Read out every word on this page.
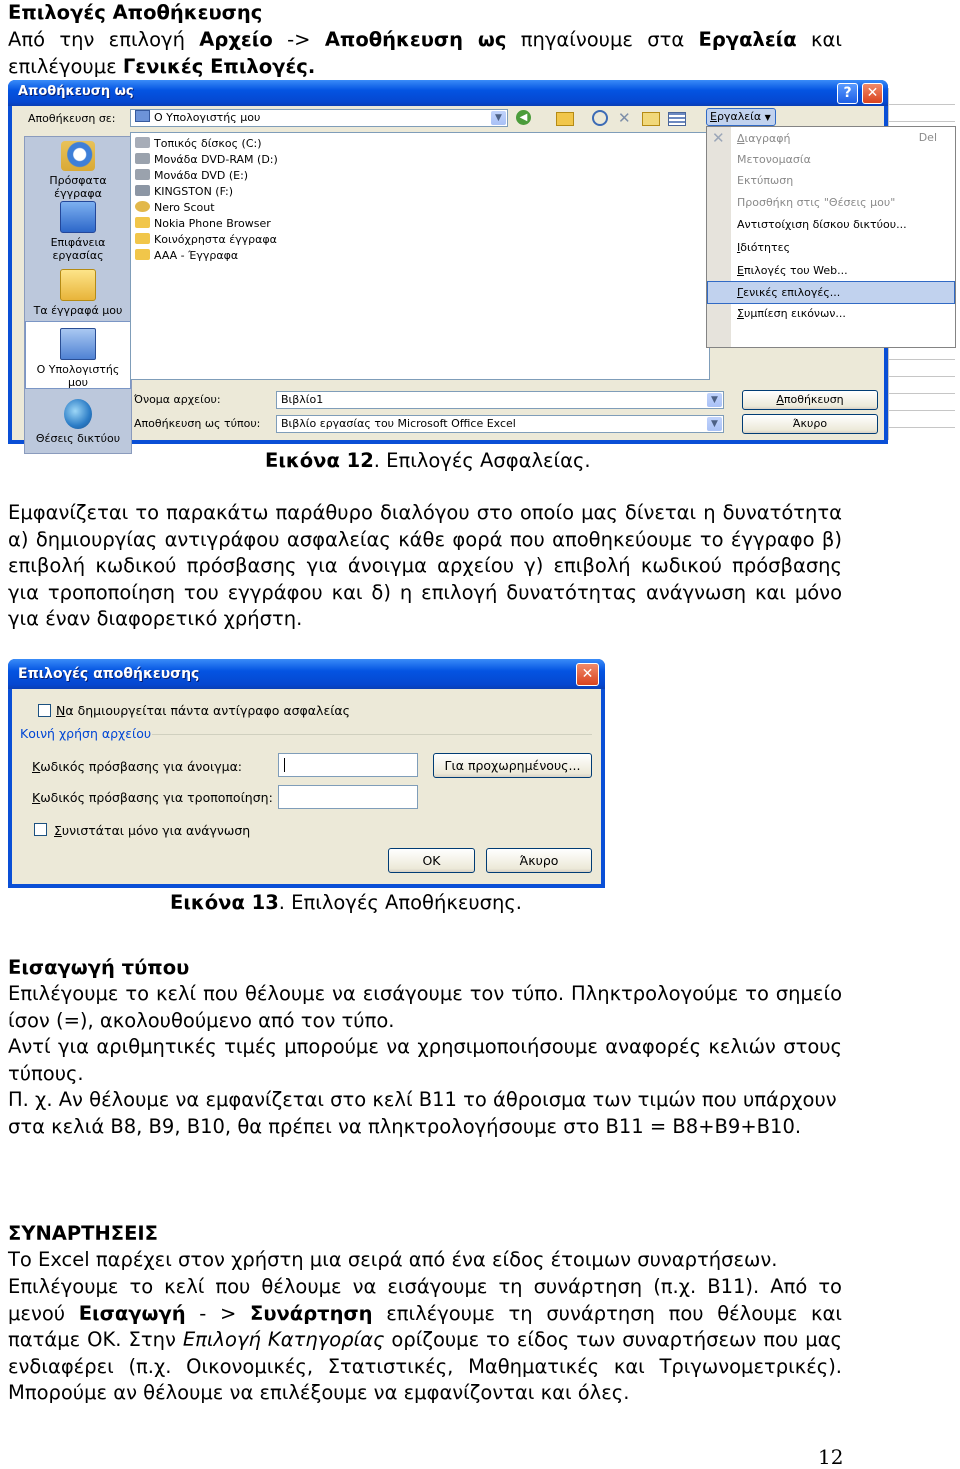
Επιλογές Αποθήκευσης
Από την επιλογή Αρχείο -> Αποθήκευση ως πηγαίνουμε στα Εργαλεία και επιλέγουμε Γενικές Επιλογές.
Αποθήκευση ως	?	✕
Αποθήκευση σε:	Ο Υπολογιστής μου	▼	◀	✕
Πρόσφατα έγγραφα
Επιφάνεια εργασίας
Τα έγγραφά μου
Ο Υπολογιστής μου
Θέσεις δικτύου
Τοπικός δίσκος (C:)
Μονάδα DVD-RAM (D:)
Μονάδα DVD (E:)
KINGSTON (F:)
Nero Scout
Nokia Phone Browser
Κοινόχρηστα έγγραφα
AAA - Έγγραφα
Όνομα αρχείου:	Βιβλίο1	▼
Αποθήκευση ως τύπου:	Βιβλίο εργασίας του Microsoft Office Excel	▼
Αποθήκευση
Άκυρο
Εργαλεία ▼
✕	Διαγραφή	Del
Μετονομασία
Εκτύπωση
Προσθήκη στις "Θέσεις μου"
Αντιστοίχιση δίσκου δικτύου...
Ιδιότητες
Επιλογές του Web...
Γενικές επιλογές...
Συμπίεση εικόνων...
Εικόνα 12. Επιλογές Ασφαλείας.
Εμφανίζεται το παρακάτω παράθυρο διαλόγου στο οποίο μας δίνεται η δυνατότητα α) δημιουργίας αντιγράφου ασφαλείας κάθε φορά που αποθηκεύουμε το έγγραφο β) επιβολή κωδικού πρόσβασης για άνοιγμα αρχείου γ) επιβολή κωδικού πρόσβασης για τροποποίηση του εγγράφου και δ) η επιλογή δυνατότητας ανάγνωση και μόνο για έναν διαφορετικό χρήστη.
Επιλογές αποθήκευσης	✕
Να δημιουργείται πάντα αντίγραφο ασφαλείας
Κοινή χρήση αρχείου
Κωδικός πρόσβασης για άνοιγμα:	Για προχωρημένους...
Κωδικός πρόσβασης για τροποποίηση:
Συνιστάται μόνο για ανάγνωση
OK	Άκυρο
Εικόνα 13. Επιλογές Αποθήκευσης.
Εισαγωγή τύπου
Επιλέγουμε το κελί που θέλουμε να εισάγουμε τον τύπο. Πληκτρολογούμε το σημείο ίσον (=), ακολουθούμενο από τον τύπο.
Αντί για αριθμητικές τιμές μπορούμε να χρησιμοποιήσουμε αναφορές κελιών στους τύπους.
Π. χ. Αν θέλουμε να εμφανίζεται στο κελί B11 το άθροισμα των τιμών που υπάρχουν στα κελιά B8, B9, B10, θα πρέπει να πληκτρολογήσουμε στο B11 = B8+B9+B10.
ΣΥΝΑΡΤΗΣΕΙΣ
Το Excel παρέχει στον χρήστη μια σειρά από ένα είδος έτοιμων συναρτήσεων.
Επιλέγουμε το κελί που θέλουμε να εισάγουμε τη συνάρτηση (π.χ. B11). Από το μενού Εισαγωγή - > Συνάρτηση επιλέγουμε τη συνάρτηση που θέλουμε και πατάμε ΟΚ. Στην Επιλογή Κατηγορίας ορίζουμε το είδος των συναρτήσεων που μας ενδιαφέρει (π.χ. Οικονομικές, Στατιστικές, Μαθηματικές και Τριγωνομετρικές). Μπορούμε αν θέλουμε να επιλέξουμε να εμφανίζονται και όλες.
12
